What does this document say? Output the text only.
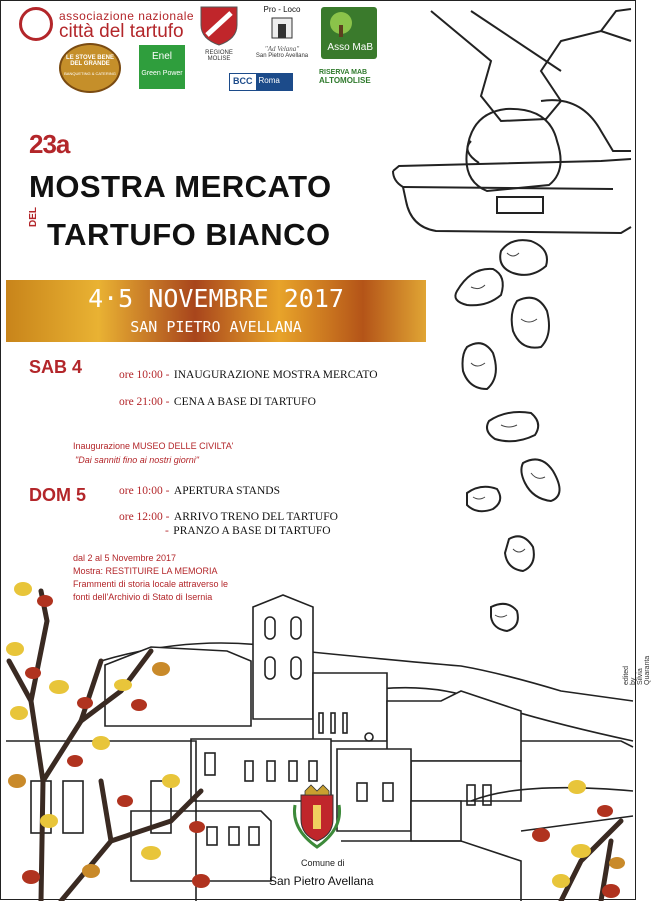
associazione nazionale
città del tartufo
REGIONE MOLISE
Pro - Loco
"Ad Velana"
San Pietro Avellana
Asso MaB
LE STOVE BENE
DEL GRANDE
BANQUETING & CATERING
Enel
Green Power
BCC Roma
RISERVA MAB
ALTOMOLISE
23a
MOSTRA MERCATO
DEL TARTUFO BIANCO
4·5 NOVEMBRE 2017
SAN PIETRO AVELLANA
SAB 4	ore 10:00 - INAUGURAZIONE MOSTRA MERCATO
ore 21:00 - CENA A BASE DI TARTUFO
Inaugurazione MUSEO DELLE CIVILTA'
"Dai sanniti fino ai nostri giorni"
DOM 5	ore 10:00 - APERTURA STANDS
ore 12:00 - ARRIVO TRENO DEL TARTUFO
- PRANZO A BASE DI TARTUFO
dal 2 al 5 Novembre 2017
Mostra: RESTITUIRE LA MEMORIA
Frammenti di storia locale attraverso le
fonti dell'Archivio di Stato di Isernia
edited by Silvia Quaranta
Comune di
San Pietro Avellana
